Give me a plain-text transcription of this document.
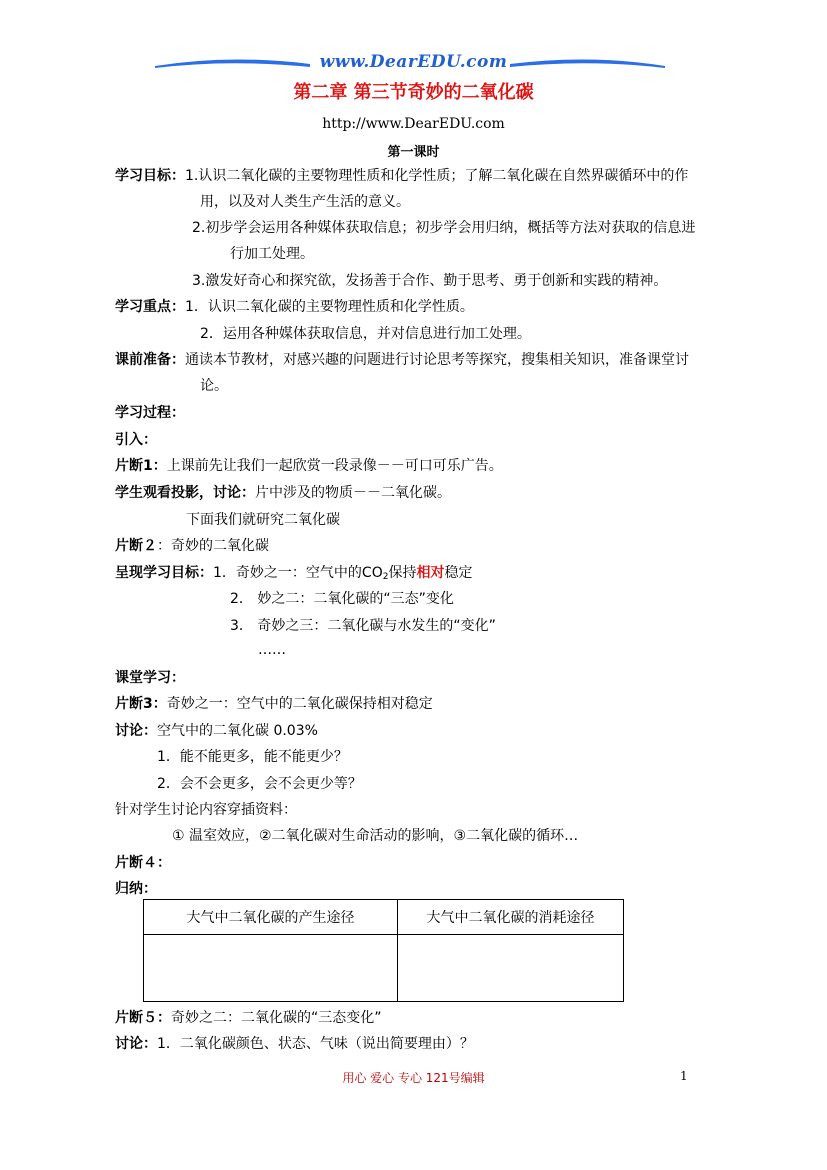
www.DearEDU.com
第二章 第三节奇妙的二氧化碳
http://www.DearEDU.com
第一课时
学习目标：1.认识二氧化碳的主要物理性质和化学性质；了解二氧化碳在自然界碳循环中的作
用，以及对人类生产生活的意义。
2.初步学会运用各种媒体获取信息；初步学会用归纳，概括等方法对获取的信息进
行加工处理。
3.激发好奇心和探究欲，发扬善于合作、勤于思考、勇于创新和实践的精神。
学习重点：1．认识二氧化碳的主要物理性质和化学性质。
2．运用各种媒体获取信息，并对信息进行加工处理。
课前准备：通读本节教材，对感兴趣的问题进行讨论思考等探究，搜集相关知识，准备课堂讨
论。
学习过程：
引入：
片断1：上课前先让我们一起欣赏一段录像－－可口可乐广告。
学生观看投影，讨论：片中涉及的物质－－二氧化碳。
下面我们就研究二氧化碳
片断２：奇妙的二氧化碳
呈现学习目标：1．奇妙之一：空气中的$CO_2$保持相对稳定
2． 妙之二：二氧化碳的“三态”变化
3． 奇妙之三：二氧化碳与水发生的“变化”
……
课堂学习：
片断3：奇妙之一：空气中的二氧化碳保持相对稳定
讨论：空气中的二氧化碳 0.03%
1．能不能更多，能不能更少？
2．会不会更多，会不会更少等？
针对学生讨论内容穿插资料：
① 温室效应，②二氧化碳对生命活动的影响，③二氧化碳的循环…
片断４：
归纳：
大气中二氧化碳的产生途径	大气中二氧化碳的消耗途径

片断５：奇妙之二：二氧化碳的“三态变化”
讨论：1．二氧化碳颜色、状态、气味（说出简要理由）？
用心 爱心 专心 121号编辑	1
